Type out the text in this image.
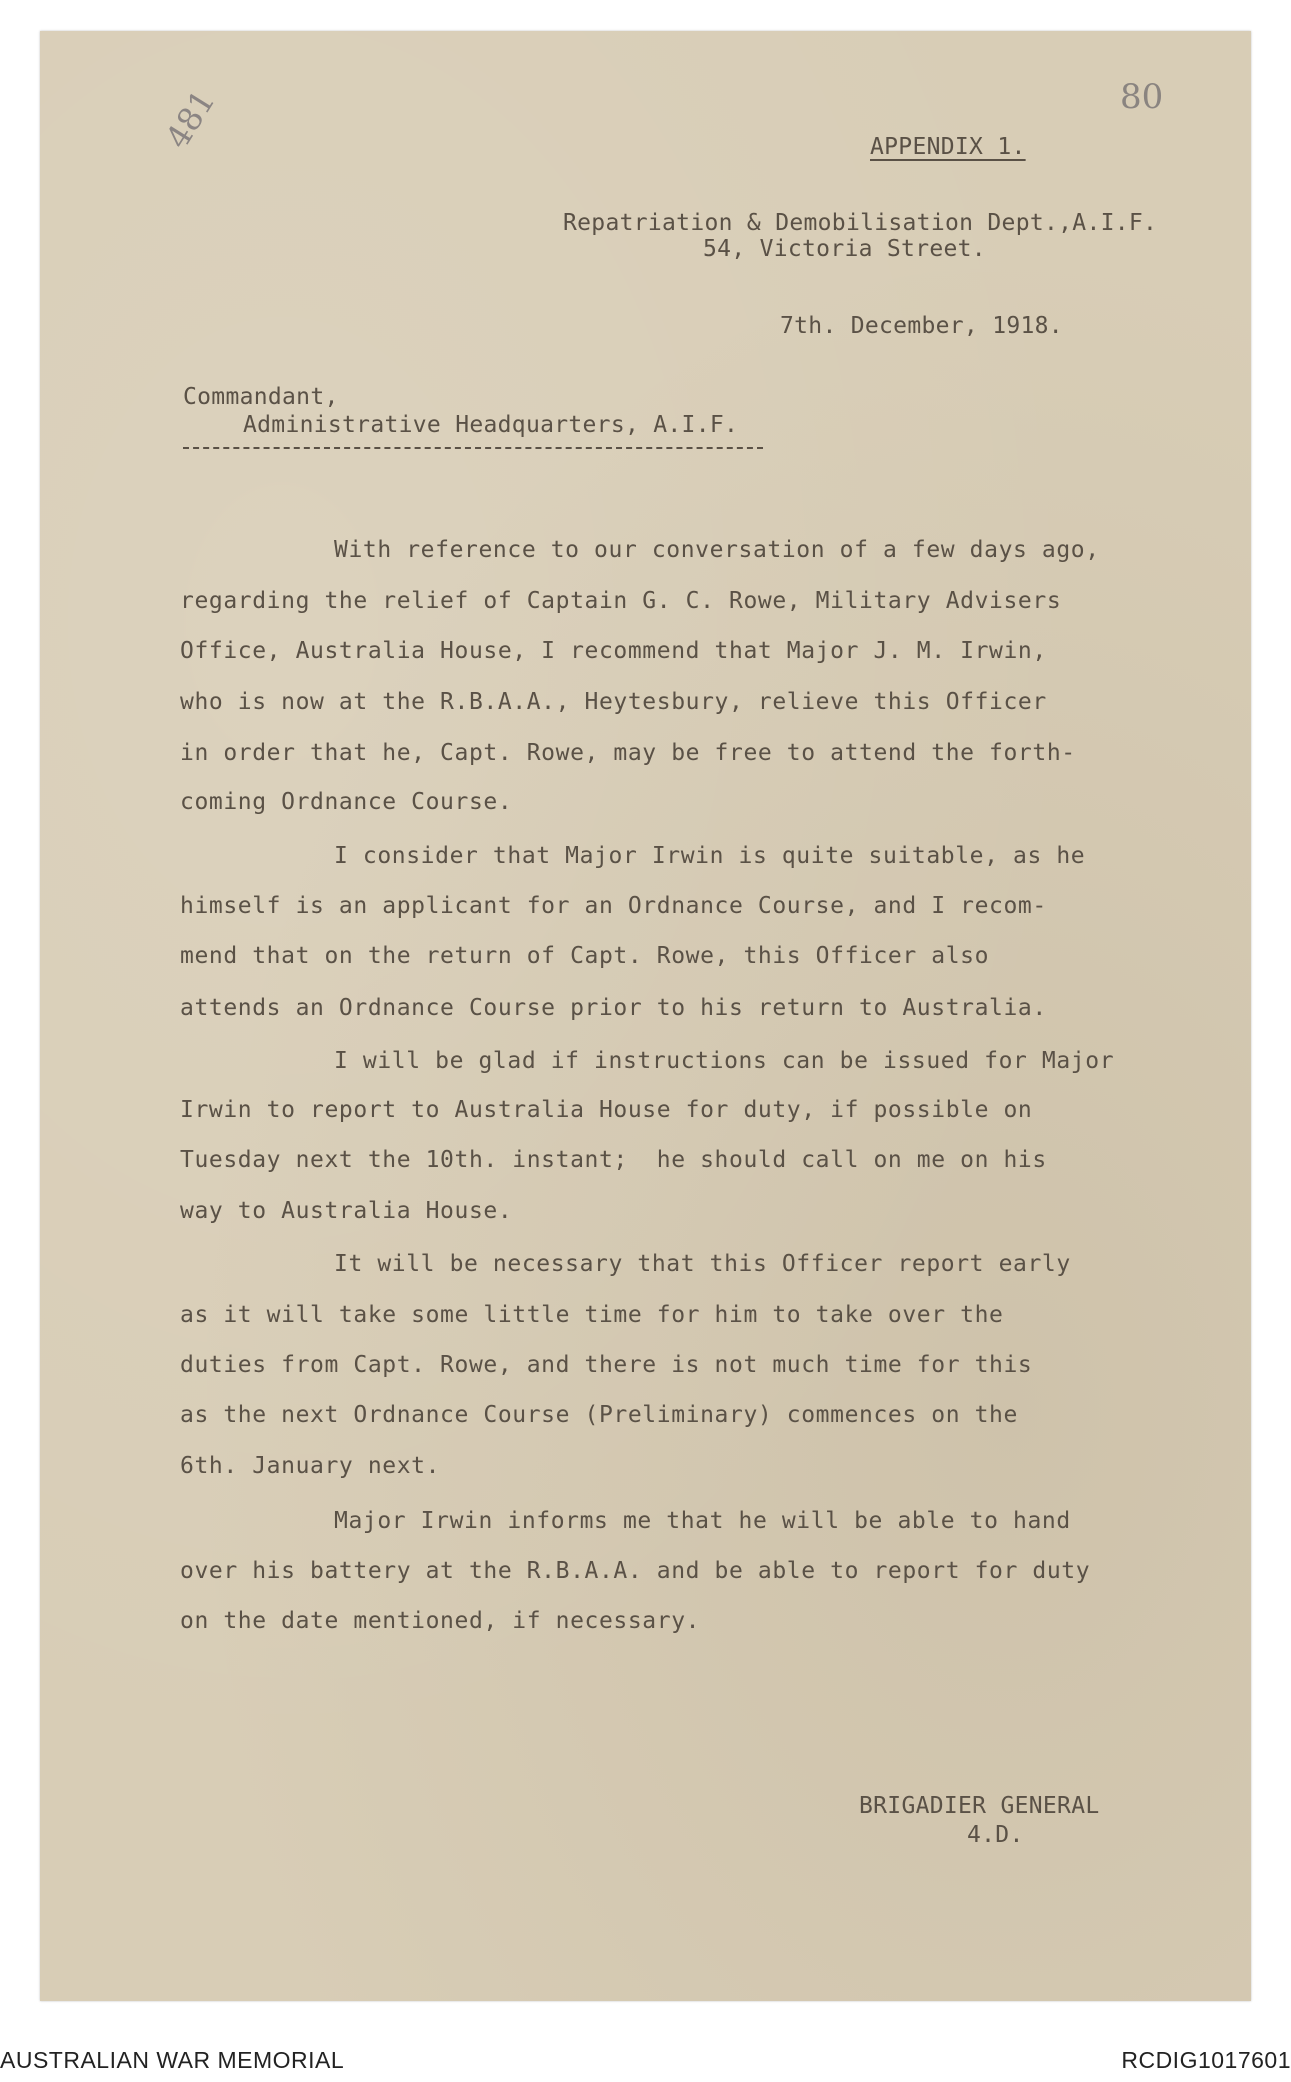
481	80
APPENDIX 1.
Repatriation & Demobilisation Dept.,A.I.F.
54, Victoria Street.
7th. December, 1918.
Commandant,
Administrative Headquarters, A.I.F.
With reference to our conversation of a few days ago,
regarding the relief of Captain G. C. Rowe, Military Advisers
Office, Australia House, I recommend that Major J. M. Irwin,
who is now at the R.B.A.A., Heytesbury, relieve this Officer
in order that he, Capt. Rowe, may be free to attend the forth-
coming Ordnance Course.
I consider that Major Irwin is quite suitable, as he
himself is an applicant for an Ordnance Course, and I recom-
mend that on the return of Capt. Rowe, this Officer also
attends an Ordnance Course prior to his return to Australia.
I will be glad if instructions can be issued for Major
Irwin to report to Australia House for duty, if possible on
Tuesday next the 10th. instant;  he should call on me on his
way to Australia House.
It will be necessary that this Officer report early
as it will take some little time for him to take over the
duties from Capt. Rowe, and there is not much time for this
as the next Ordnance Course (Preliminary) commences on the
6th. January next.
Major Irwin informs me that he will be able to hand
over his battery at the R.B.A.A. and be able to report for duty
on the date mentioned, if necessary.
BRIGADIER GENERAL
4.D.
AUSTRALIAN WAR MEMORIAL	RCDIG1017601
